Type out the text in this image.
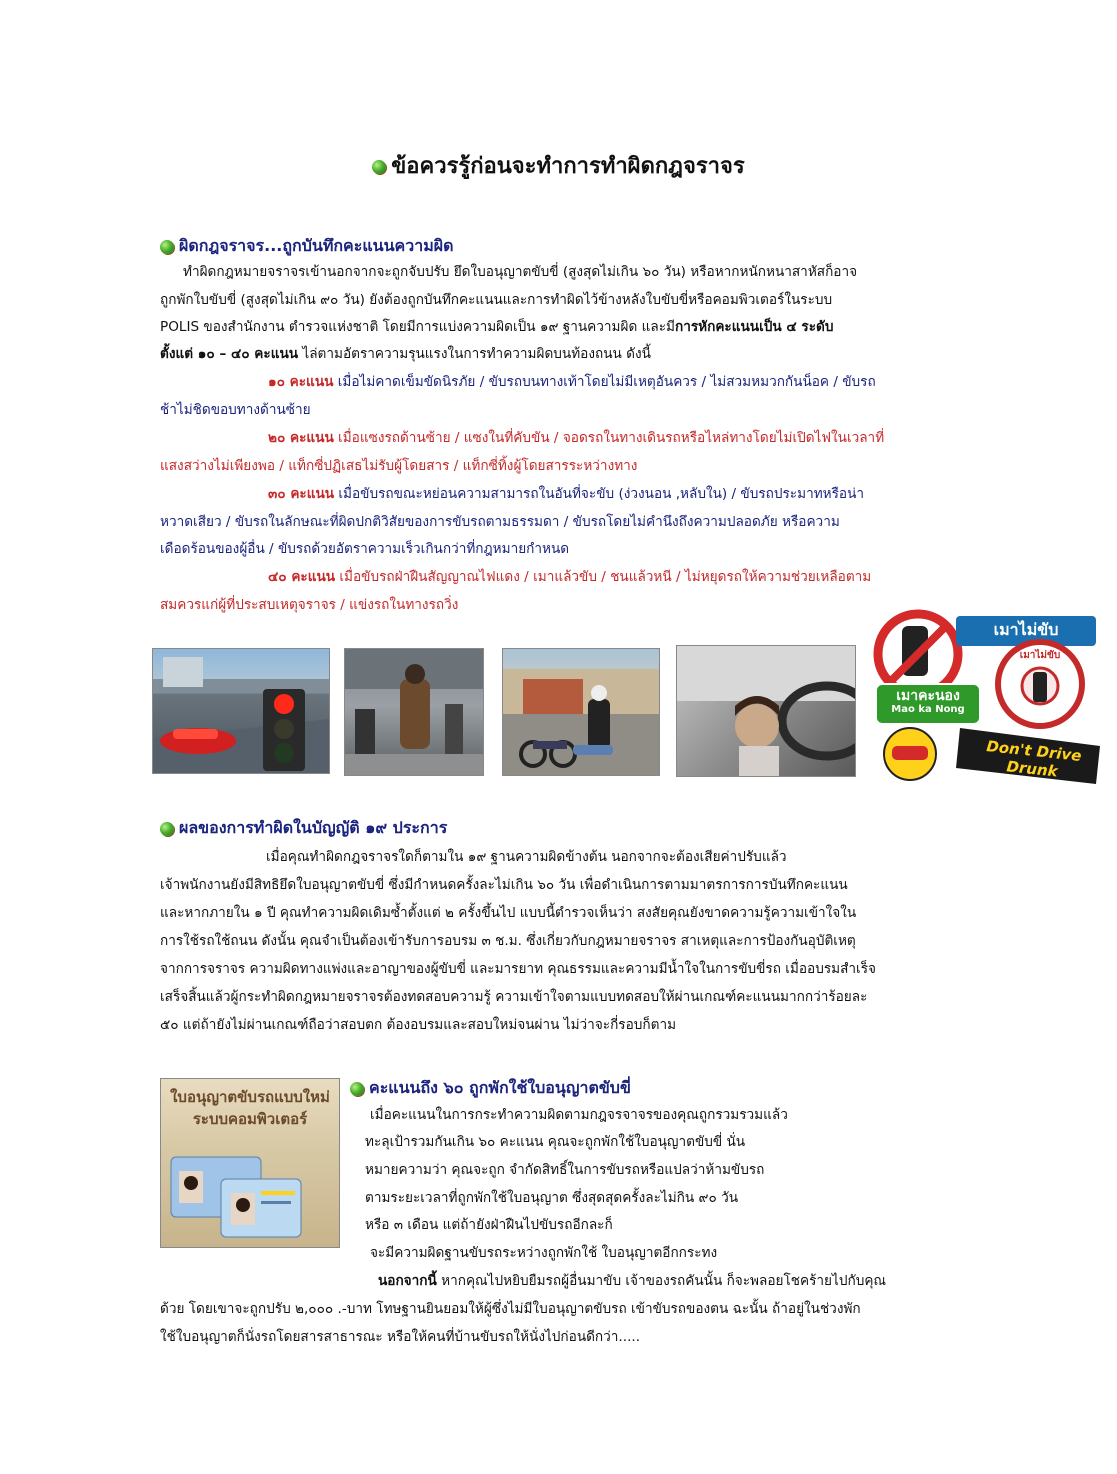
ข้อควรรู้ก่อนจะทำการทำผิดกฎจราจร
ผิดกฎจราจร...ถูกบันทึกคะแนนความผิด
ทำผิดกฎหมายจราจรเข้านอกจากจะถูกจับปรับ ยึดใบอนุญาตขับขี่ (สูงสุดไม่เกิน ๖๐ วัน) หรือหากหนักหนาสาหัสก็อาจ
ถูกพักใบขับขี่ (สูงสุดไม่เกิน ๙๐ วัน) ยังต้องถูกบันทึกคะแนนและการทำผิดไว้ข้างหลังใบขับขี่หรือคอมพิวเตอร์ในระบบ
POLIS ของสำนักงาน ตำรวจแห่งชาติ โดยมีการแบ่งความผิดเป็น ๑๙ ฐานความผิด และมีการหักคะแนนเป็น ๔ ระดับ
ตั้งแต่ ๑๐ – ๔๐ คะแนน ไล่ตามอัตราความรุนแรงในการทำความผิดบนท้องถนน ดังนี้
๑๐ คะแนน เมื่อไม่คาดเข็มขัดนิรภัย / ขับรถบนทางเท้าโดยไม่มีเหตุอันควร / ไม่สวมหมวกกันน็อค / ขับรถ
ช้าไม่ชิดขอบทางด้านซ้าย
๒๐ คะแนน เมื่อแซงรถด้านซ้าย / แซงในที่คับขัน / จอดรถในทางเดินรถหรือไหล่ทางโดยไม่เปิดไฟในเวลาที่
แสงสว่างไม่เพียงพอ / แท็กซี่ปฏิเสธไม่รับผู้โดยสาร / แท็กซี่ทิ้งผู้โดยสารระหว่างทาง
๓๐ คะแนน เมื่อขับรถขณะหย่อนความสามารถในอันที่จะขับ (ง่วงนอน ,หลับใน) / ขับรถประมาทหรือน่า
หวาดเสียว / ขับรถในลักษณะที่ผิดปกติวิสัยของการขับรถตามธรรมดา / ขับรถโดยไม่คำนึงถึงความปลอดภัย หรือความ
เดือดร้อนของผู้อื่น / ขับรถด้วยอัตราความเร็วเกินกว่าที่กฎหมายกำหนด
๔๐ คะแนน เมื่อขับรถฝ่าฝืนสัญญาณไฟแดง / เมาแล้วขับ / ชนแล้วหนี / ไม่หยุดรถให้ความช่วยเหลือตาม
สมควรแก่ผู้ที่ประสบเหตุจราจร / แข่งรถในทางรถวิ่ง
เมาไม่ขับ
เมาคะนอง
Mao ka Nong
เมาไม่ขับ
Don't Drive Drunk
ผลของการทำผิดในบัญญัติ ๑๙ ประการ
เมื่อคุณทำผิดกฎจราจรใดก็ตามใน ๑๙ ฐานความผิดข้างต้น นอกจากจะต้องเสียค่าปรับแล้ว
เจ้าพนักงานยังมีสิทธิยึดใบอนุญาตขับขี่ ซึ่งมีกำหนดครั้งละไม่เกิน ๖๐ วัน เพื่อดำเนินการตามมาตรการการบันทึกคะแนน
และหากภายใน ๑ ปี คุณทำความผิดเดิมซ้ำตั้งแต่ ๒ ครั้งขึ้นไป แบบนี้ตำรวจเห็นว่า สงสัยคุณยังขาดความรู้ความเข้าใจใน
การใช้รถใช้ถนน ดังนั้น คุณจำเป็นต้องเข้ารับการอบรม ๓ ช.ม. ซึ่งเกี่ยวกับกฎหมายจราจร สาเหตุและการป้องกันอุบัติเหตุ
จากการจราจร ความผิดทางแพ่งและอาญาของผู้ขับขี่ และมารยาท คุณธรรมและความมีน้ำใจในการขับขี่รถ เมื่ออบรมสำเร็จ
เสร็จสิ้นแล้วผู้กระทำผิดกฎหมายจราจรต้องทดสอบความรู้ ความเข้าใจตามแบบทดสอบให้ผ่านเกณฑ์คะแนนมากกว่าร้อยละ
๕๐ แต่ถ้ายังไม่ผ่านเกณฑ์ถือว่าสอบตก ต้องอบรมและสอบใหม่จนผ่าน ไม่ว่าจะกี่รอบก็ตาม
ใบอนุญาตขับรถแบบใหม่
ระบบคอมพิวเตอร์
คะแนนถึง ๖๐ ถูกพักใช้ใบอนุญาตขับขี่
เมื่อคะแนนในการกระทำความผิดตามกฎจรจาจรของคุณถูกรวมรวมแล้ว
ทะลุเป้ารวมกันเกิน ๖๐ คะแนน คุณจะถูกพักใช้ใบอนุญาตขับขี่ นั่น
หมายความว่า คุณจะถูก จำกัดสิทธิ์ในการขับรถหรือแปลว่าห้ามขับรถ
ตามระยะเวลาที่ถูกพักใช้ใบอนุญาต ซึ่งสุดสุดครั้งละไม่กิน ๙๐ วัน
หรือ ๓ เดือน แต่ถ้ายังฝ่าฝืนไปขับรถอีกละก็
จะมีความผิดฐานขับรถระหว่างถูกพักใช้ ใบอนุญาตอีกกระทง
นอกจากนี้ หากคุณไปหยิบยืมรถผู้อื่นมาขับ เจ้าของรถคันนั้น ก็จะพลอยโชคร้ายไปกับคุณ
ด้วย โดยเขาจะถูกปรับ ๒,๐๐๐ .-บาท โทษฐานยินยอมให้ผู้ซึ่งไม่มีใบอนุญาตขับรถ เข้าขับรถของตน ฉะนั้น ถ้าอยู่ในช่วงพัก
ใช้ใบอนุญาตก็นั่งรถโดยสารสาธารณะ หรือให้คนที่บ้านขับรถให้นั่งไปก่อนดีกว่า.....
